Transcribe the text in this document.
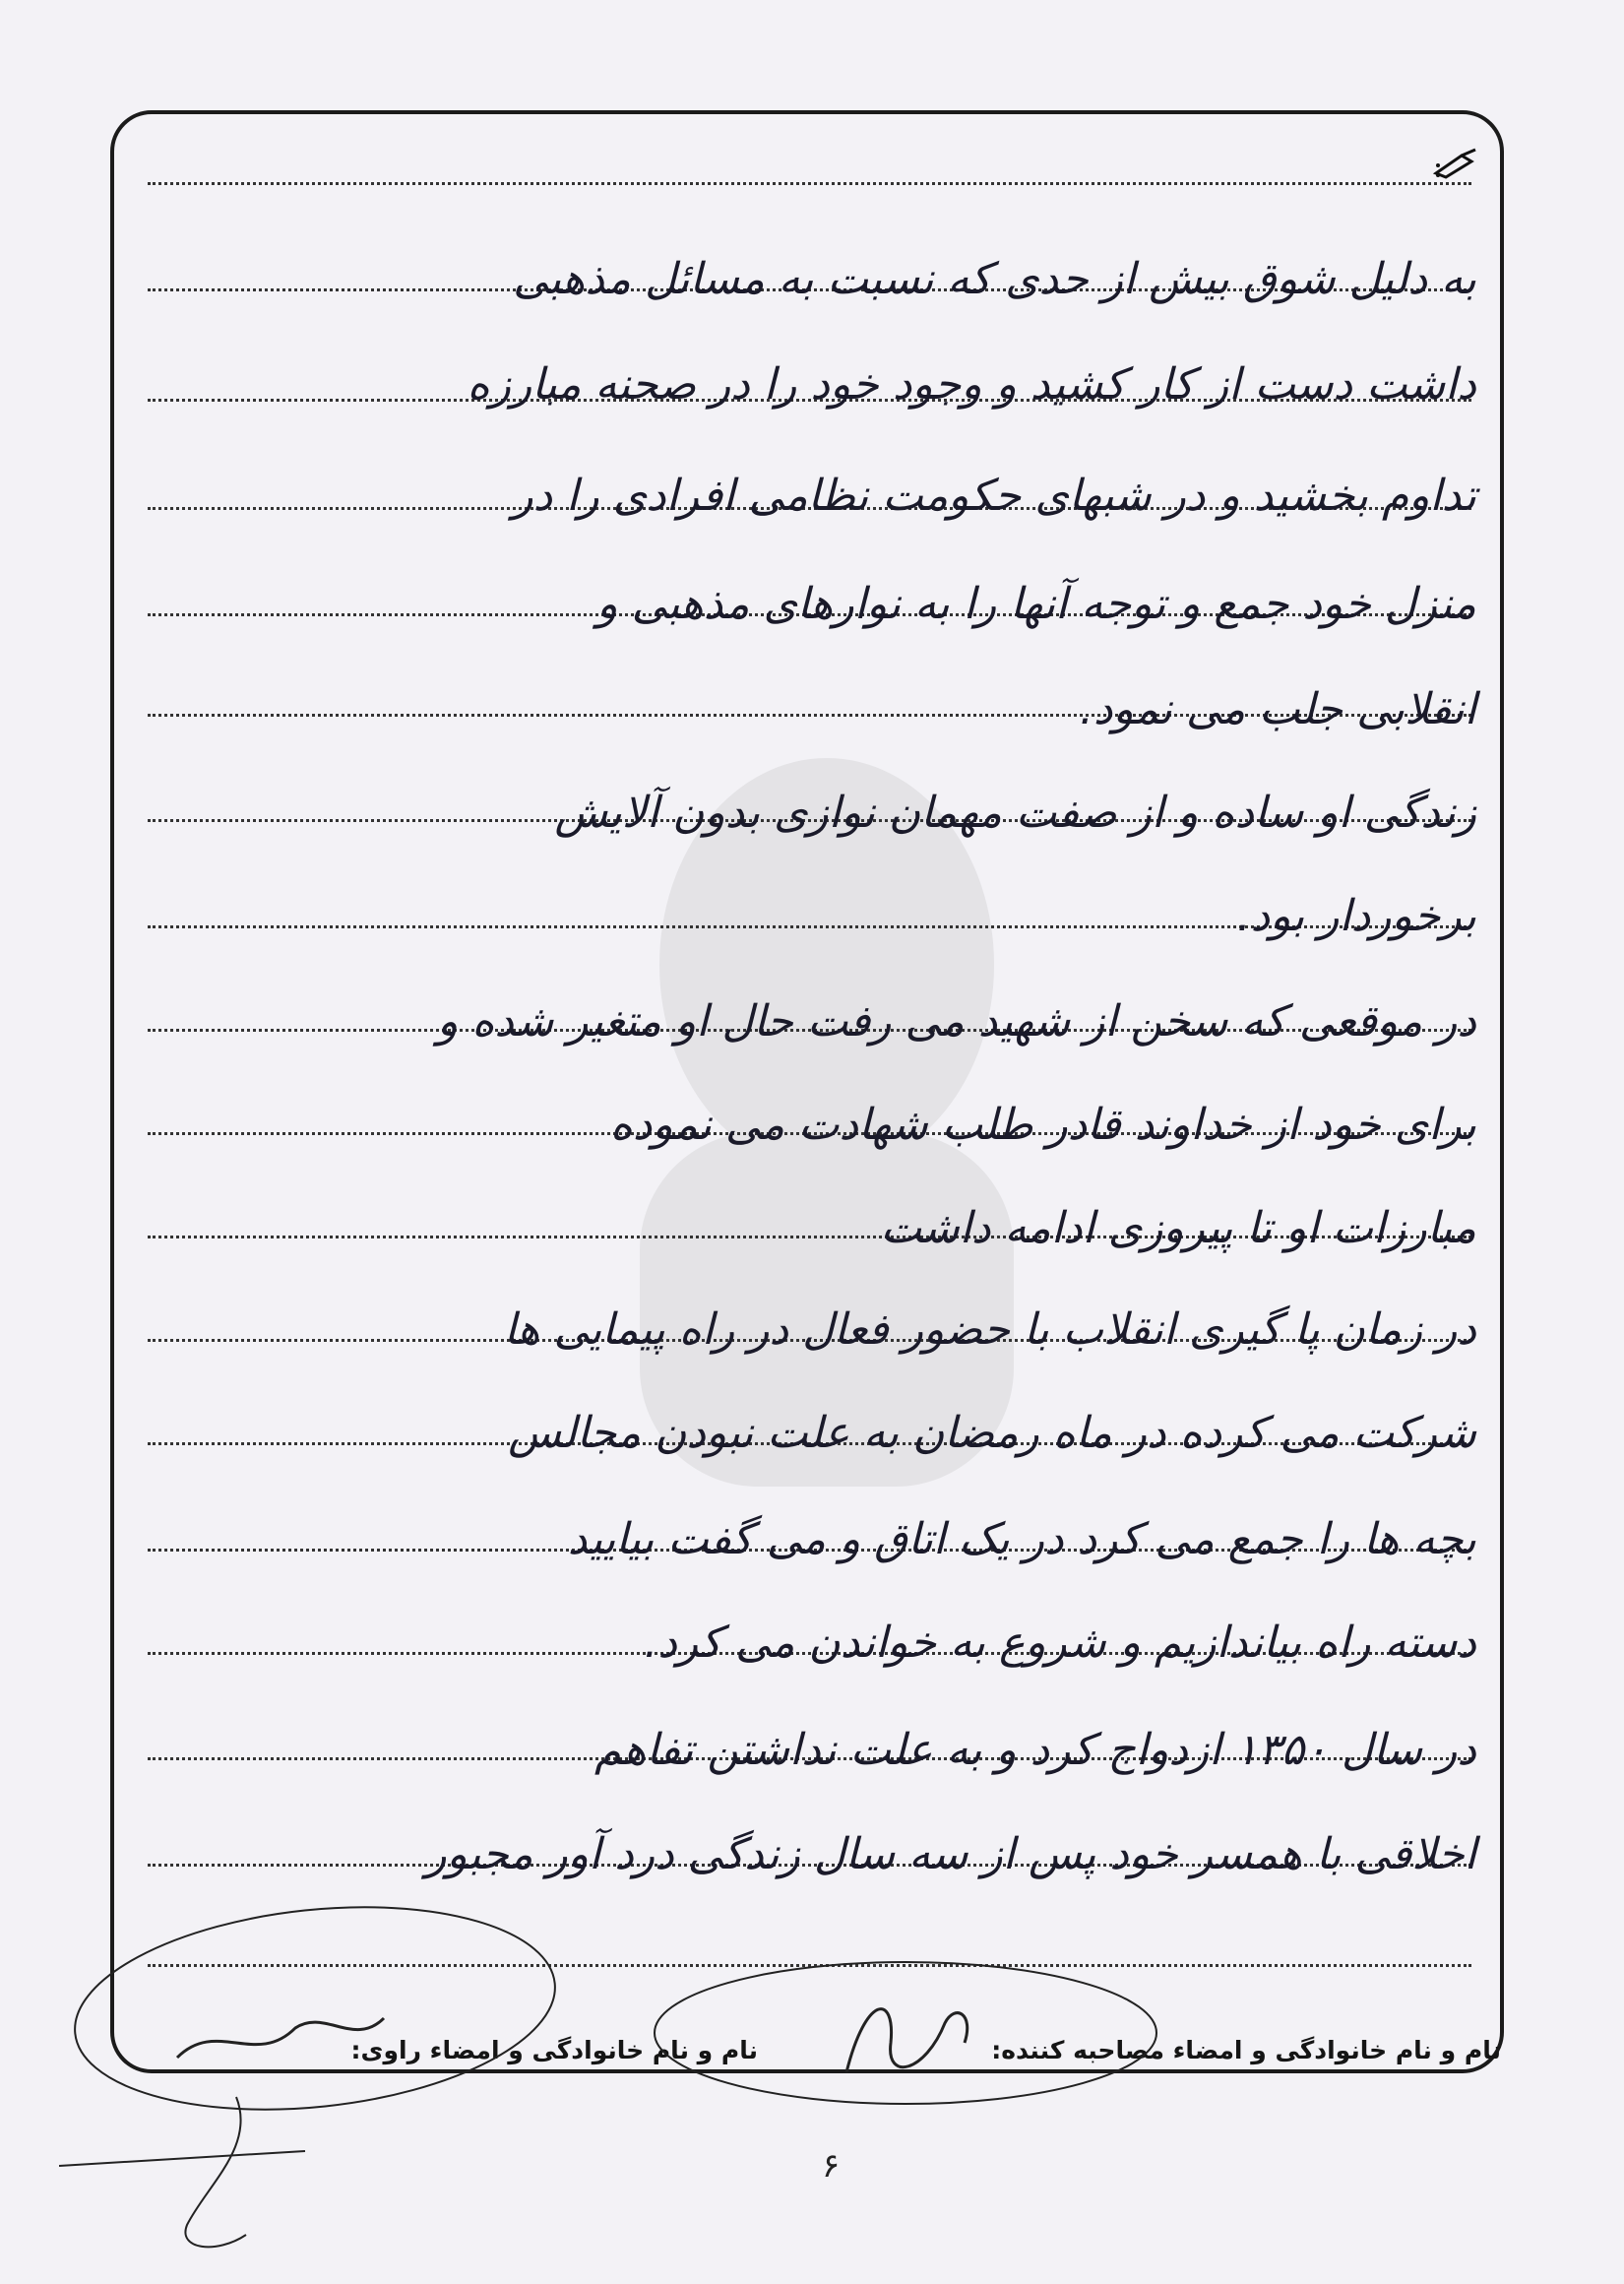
به دلیل شوق بیش از حدی که نسبت به مسائل مذهبی
داشت دست از کار کشید و وجود خود را در صحنه مبارزه
تداوم بخشید و در شبهای حکومت نظامی افرادی را در
منزل خود جمع و توجه آنها را به نوارهای مذهبی و
انقلابی جلب می نمود.
زندگی او ساده و از صفت مهمان نوازی بدون آلایش
برخوردار بود.
در موقعی که سخن از شهید می رفت حال او متغیر شده و
برای خود از خداوند قادر طلب شهادت می نموده
مبارزات او تا پیروزی ادامه داشت
در زمان پا گیری انقلاب با حضور فعال در راه پیمایی ها
شرکت می کرده در ماه رمضان به علت نبودن مجالس
بچه ها را جمع می کرد در یک اتاق و می گفت بیایید
دسته راه بیاندازیم و شروع به خواندن می کرد.
در سال ۱۳۵۰ ازدواج کرد و به علت نداشتن تفاهم
اخلاقی با همسر خود پس از سه سال زندگی درد آور مجبور
نام و نام خانوادگی و امضاء مصاحبه کننده:
نام و نام خانوادگی و امضاء راوی:
۶
